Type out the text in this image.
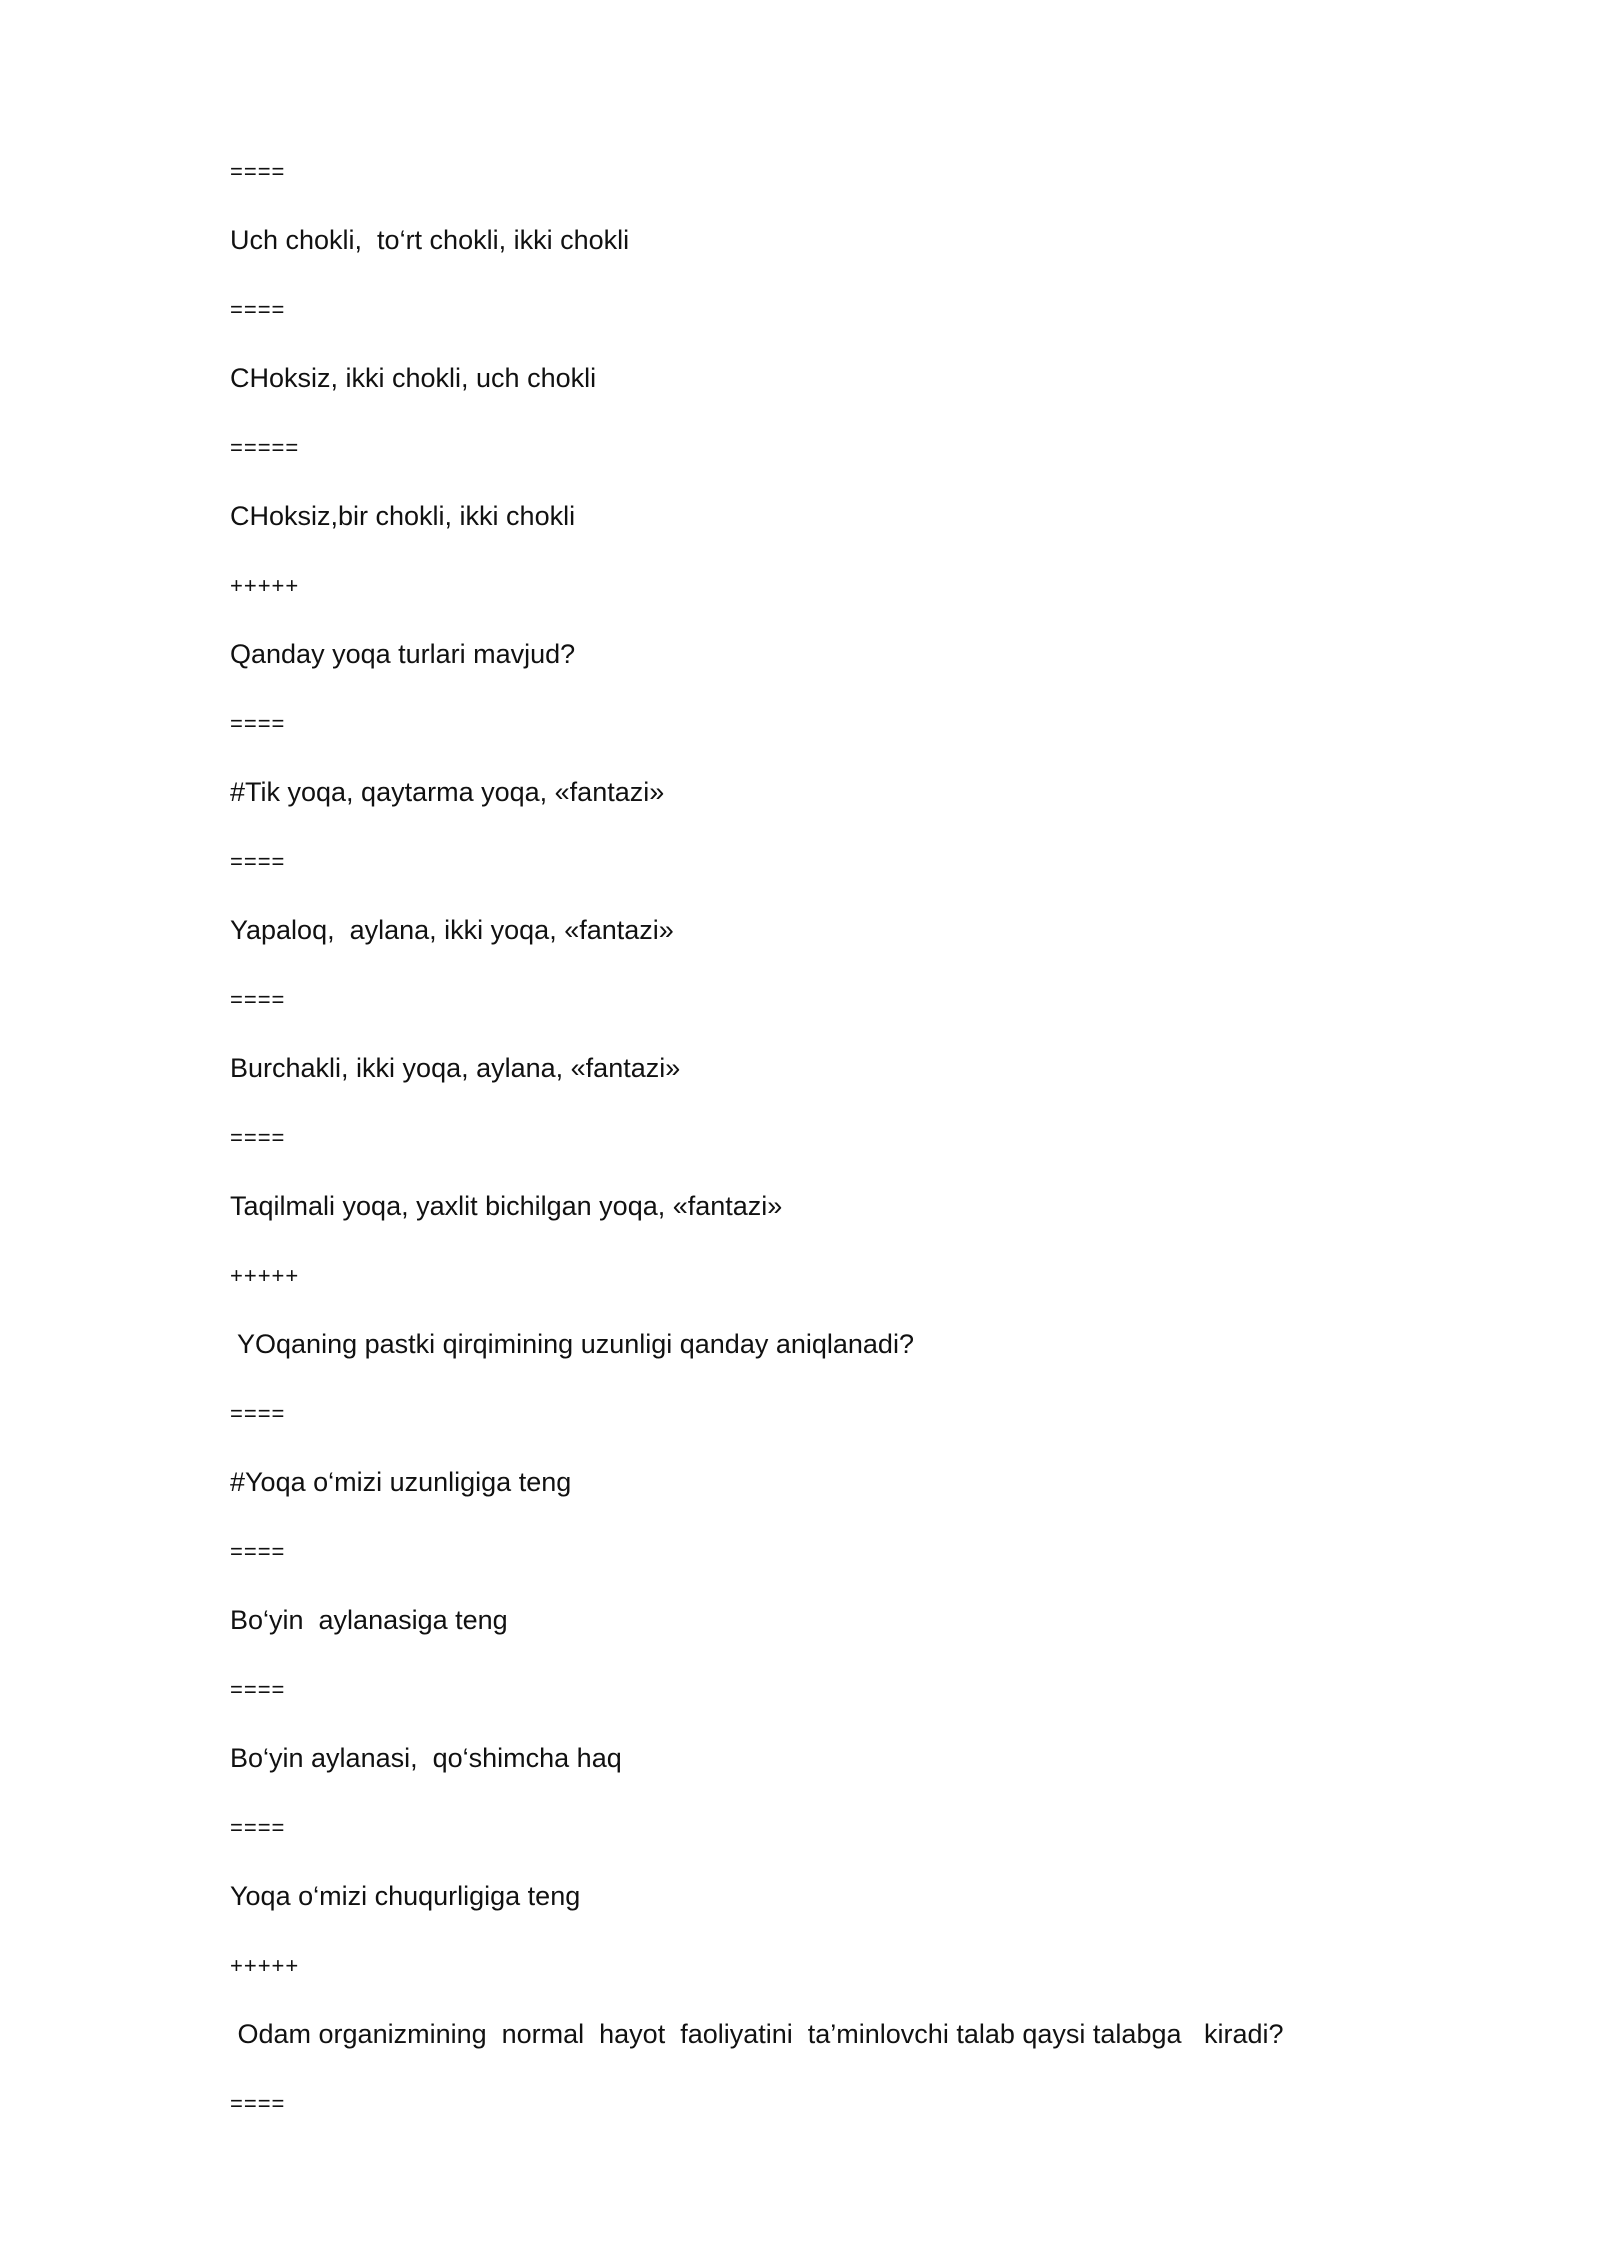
====

Uch chokli,  to‘rt chokli, ikki chokli

====

CHoksiz, ikki chokli, uch chokli

=====

CHoksiz,bir chokli, ikki chokli

+++++

Qanday yoqa turlari mavjud?

====

#Tik yoqa, qaytarma yoqa, «fantazi»

====

Yapaloq,  aylana, ikki yoqa, «fantazi»

====

Burchakli, ikki yoqa, aylana, «fantazi»

====

Taqilmali yoqa, yaxlit bichilgan yoqa, «fantazi»

+++++

YOqaning pastki qirqimining uzunligi qanday aniqlanadi?

====

#Yoqa o‘mizi uzunligiga teng

====

Bo‘yin  aylanasiga teng

====

Bo‘yin aylanasi,  qo‘shimcha haq

====

Yoqa o‘mizi chuqurligiga teng

+++++

Odam organizmining  normal  hayot  faoliyatini  ta’minlovchi talab qaysi talabga   kiradi?

====
